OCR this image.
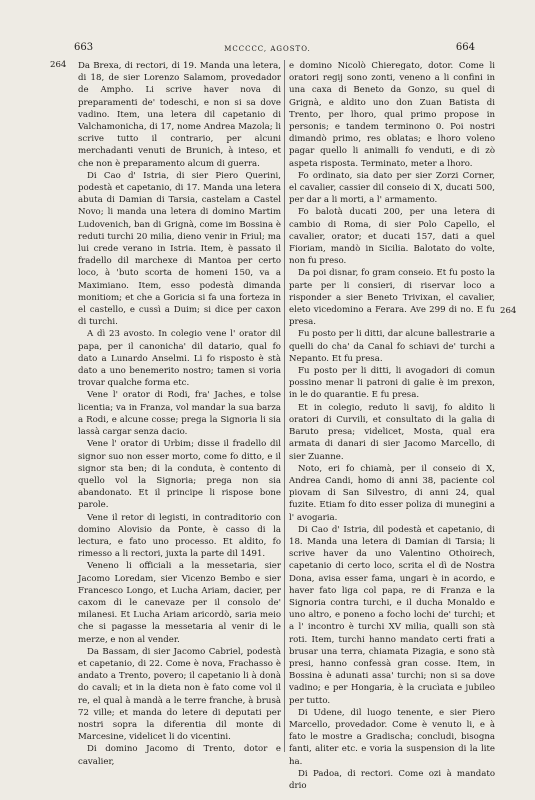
663	MCCCCC, AGOSTO.	664
264
264

Da Brexa, di rectori, di 19. Manda una letera, di 18, de sier Lorenzo Salamom, provedador de Ampho. Li scrive haver nova di preparamenti de' todeschi, e non si sa dove vadino. Item, una letera dil capetanio di Valchamonicha, di 17, nome Andrea Mazola; li scrive tutto il contrario, per alcuni merchadanti venuti de Brunich, à inteso, et che non è preparamento alcum di guerra.

Di Cao d' Istria, di sier Piero Querini, podestà et capetanio, di 17. Manda una letera abuta di Damian di Tarsia, castelam a Castel Novo; li manda una letera di domino Martim Ludovenich, ban di Grignà, come im Bossina è reduti turchi 20 milia, dieno venir in Friul; ma lui crede verano in Istria. Item, è passato il fradello dil marchexe di Mantoa per certo loco, à 'buto scorta de homeni 150, va a Maximiano. Item, esso podestà dimanda monitiom; et che a Goricia si fa una forteza in el castello, e cussì a Duim; si dice per caxon di turchi.

A dì 23 avosto. In colegio vene l' orator dil papa, per il canonicha' dil datario, qual fo dato a Lunardo Anselmi. Li fo risposto è stà dato a uno benemerito nostro; tamen si voria trovar qualche forma etc.

Vene l' orator di Rodi, fra' Jaches, e tolse licentia; va in Franza, vol mandar la sua barza a Rodi, e alcune cosse; prega la Signoria li sia lassà cargar senza dacio.

Vene l' orator di Urbim; disse il fradello dil signor suo non esser morto, come fo ditto, e il signor sta ben; di la conduta, è contento di quello vol la Signoria; prega non sia abandonato. Et il principe li rispose bone parole.

Vene il retor di legisti, in contraditorio con domino Alovisio da Ponte, è casso di la lectura, e fato uno processo. Et aldito, fo rimesso a li rectori, juxta la parte dil 1491.

Veneno li officiali a la messetaria, sier Jacomo Loredam, sier Vicenzo Bembo e sier Francesco Longo, et Lucha Ariam, dacier, per caxom di le canevaze per il consolo de' milanesi. Et Lucha Ariam aricordò, saria meio che si pagasse la messetaria al venir di le merze, e non al vender.

Da Bassam, di sier Jacomo Cabriel, podestà et capetanio, di 22. Come è nova, Frachasso è andato a Trento, povero; il capetanio li à donà do cavali; et in la dieta non è fato come vol il re, el qual à mandà a le terre franche, à brusà 72 ville; et manda do letere di deputati per nostri sopra la diferentia dil monte di Marcesine, videlicet li do vicentini.

Di domino Jacomo di Trento, dotor e cavalier,

e domino Nicolò Chieregato, dotor. Come li oratori regij sono zonti, veneno a li confini in una caxa di Beneto da Gonzo, su quel di Grignà, e aldito uno don Zuan Batista di Trento, per lhoro, qual primo propose in personis; e tandem terminono 0. Poi nostri dimandò primo, res oblatas; e lhoro voleno pagar quello li animalli fo venduti, e di zò aspeta risposta. Terminato, meter a lhoro.

Fo ordinato, sia dato per sier Zorzi Corner, el cavalier, cassier dil conseio di X, ducati 500, per dar a li morti, a l' armamento.

Fo balotà ducati 200, per una letera di cambio di Roma, di sier Polo Capello, el cavalier, orator; et ducati 157, dati a quel Fioriam, mandò in Sicilia. Balotato do volte, non fu preso.

Da poi disnar, fo gram conseio. Et fu posto la parte per li consieri, di riservar loco a risponder a sier Beneto Trivixan, el cavalier, eleto vicedomino a Ferara. Ave 299 di no. E fu presa.

Fu posto per li ditti, dar alcune ballestrarie a quelli do cha' da Canal fo schiavi de' turchi a Nepanto. Et fu presa.

Fu posto per li ditti, li avogadori di comun possino menar li patroni di galie è im prexon, in le do quarantie. E fu presa.

Et in colegio, reduto li savij, fo aldito li oratori di Curvili, et consultato di la galia di Baruto presa; videlicet, Mosta, qual era armata di danari di sier Jacomo Marcello, di sier Zuanne.

Noto, eri fo chiamà, per il conseio di X, Andrea Candi, homo di anni 38, paciente col piovam di San Silvestro, di anni 24, qual fuzite. Etiam fo dito esser poliza di munegini a l' avogaria.

Di Cao d' Istria, dil podestà et capetanio, di 18. Manda una letera di Damian di Tarsia; li scrive haver da uno Valentino Othoirech, capetanio di certo loco, scrita el dì de Nostra Dona, avisa esser fama, ungari è in acordo, e haver fato liga col papa, re di Franza e la Signoria contra turchi, e il ducha Monaldo e uno altro, e poneno a focho lochi de' turchi; et a l' incontro è turchi XV milia, qualli son stà roti. Item, turchi hanno mandato certi frati a brusar una terra, chiamata Pizagia, e sono stà presi, hanno confessà gran cosse. Item, in Bossina è adunati assa' turchi; non si sa dove vadino; e per Hongaria, è la crucìata e jubileo per tutto.

Di Udene, dil luogo tenente, e sier Piero Marcello, provedador. Come è venuto li, e à fato le mostre a Gradischa; concludi, bisogna fanti, aliter etc. e voria la suspension di la lite ha.

Di Padoa, di rectori. Come ozi à mandato drio
